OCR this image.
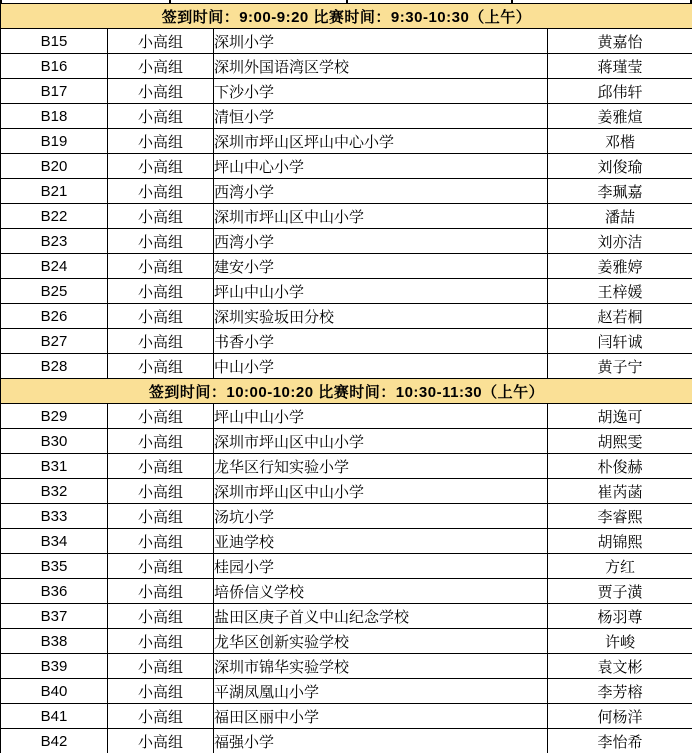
签到时间：9:00-9:20 比赛时间：9:30-10:30（上午）			
B15	小高组	深圳小学	黄嘉怡
B16	小高组	深圳外国语湾区学校	蒋瑾莹
B17	小高组	下沙小学	邱伟轩
B18	小高组	清恒小学	姜雅煊
B19	小高组	深圳市坪山区坪山中心小学	邓楷
B20	小高组	坪山中心小学	刘俊瑜
B21	小高组	西湾小学	李珮嘉
B22	小高组	深圳市坪山区中山小学	潘喆
B23	小高组	西湾小学	刘亦洁
B24	小高组	建安小学	姜雅婷
B25	小高组	坪山中山小学	王梓媛
B26	小高组	深圳实验坂田分校	赵若桐
B27	小高组	书香小学	闫轩诚
B28	小高组	中山小学	黄子宁
签到时间：10:00-10:20 比赛时间：10:30-11:30（上午）			
B29	小高组	坪山中山小学	胡逸可
B30	小高组	深圳市坪山区中山小学	胡熙雯
B31	小高组	龙华区行知实验小学	朴俊赫
B32	小高组	深圳市坪山区中山小学	崔芮菡
B33	小高组	汤坑小学	李睿熙
B34	小高组	亚迪学校	胡锦熙
B35	小高组	桂园小学	方红
B36	小高组	培侨信义学校	贾子潢
B37	小高组	盐田区庚子首义中山纪念学校	杨羽尊
B38	小高组	龙华区创新实验学校	许峻
B39	小高组	深圳市锦华实验学校	袁文彬
B40	小高组	平湖凤凰山小学	李芳榕
B41	小高组	福田区丽中小学	何杨洋
B42	小高组	福强小学	李怡希
